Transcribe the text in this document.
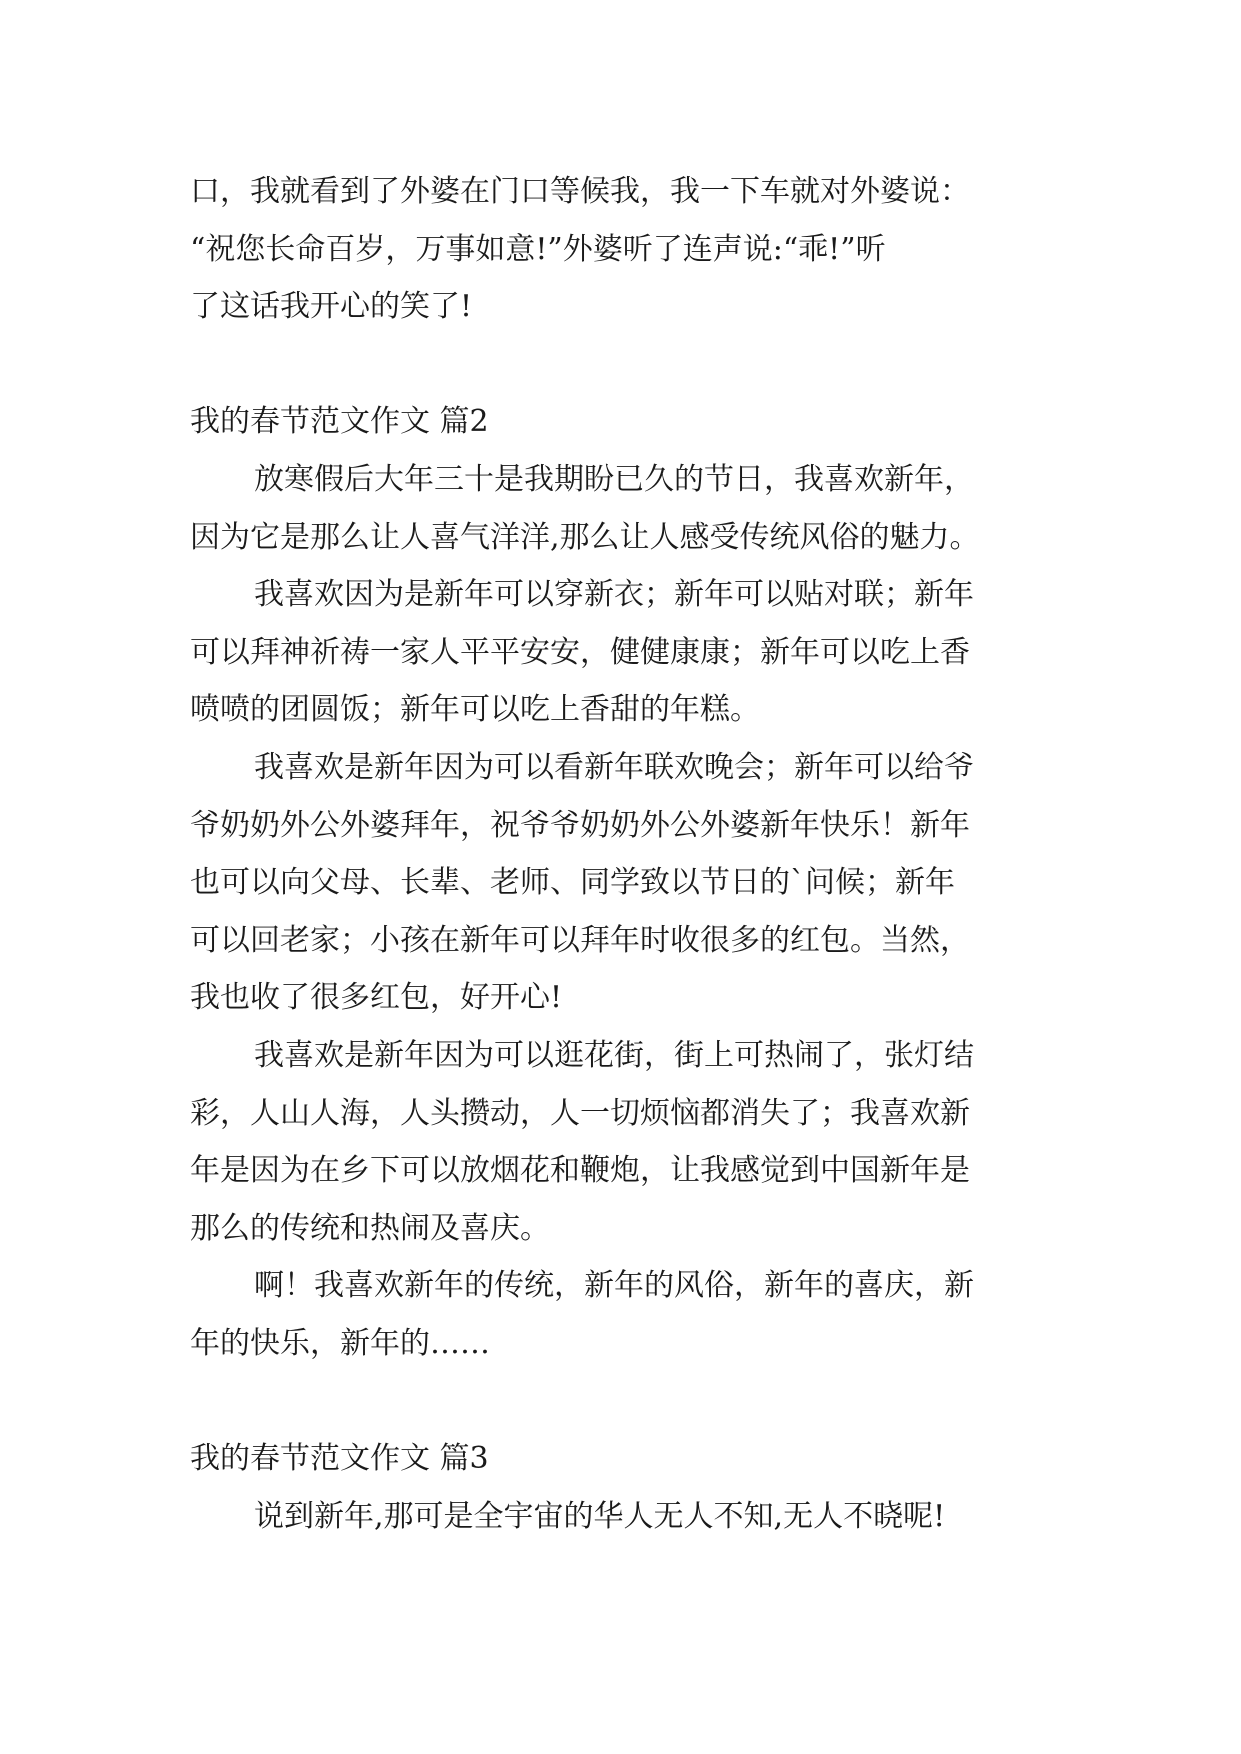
口，我就看到了外婆在门口等候我，我一下车就对外婆说：
“祝您长命百岁，万事如意!”外婆听了连声说:“乖!”听
了这话我开心的笑了!
我的春节范文作文 篇2
放寒假后大年三十是我期盼已久的节日，我喜欢新年，
因为它是那么让人喜气洋洋,那么让人感受传统风俗的魅力。
我喜欢因为是新年可以穿新衣；新年可以贴对联；新年
可以拜神祈祷一家人平平安安，健健康康；新年可以吃上香
喷喷的团圆饭；新年可以吃上香甜的年糕。
我喜欢是新年因为可以看新年联欢晚会；新年可以给爷
爷奶奶外公外婆拜年，祝爷爷奶奶外公外婆新年快乐！新年
也可以向父母、长辈、老师、同学致以节日的`问候；新年
可以回老家；小孩在新年可以拜年时收很多的红包。当然，
我也收了很多红包，好开心!
我喜欢是新年因为可以逛花街，街上可热闹了，张灯结
彩，人山人海，人头攒动，人一切烦恼都消失了；我喜欢新
年是因为在乡下可以放烟花和鞭炮，让我感觉到中国新年是
那么的传统和热闹及喜庆。
啊！我喜欢新年的传统，新年的风俗，新年的喜庆，新
年的快乐，新年的……
我的春节范文作文 篇3
说到新年,那可是全宇宙的华人无人不知,无人不晓呢!
